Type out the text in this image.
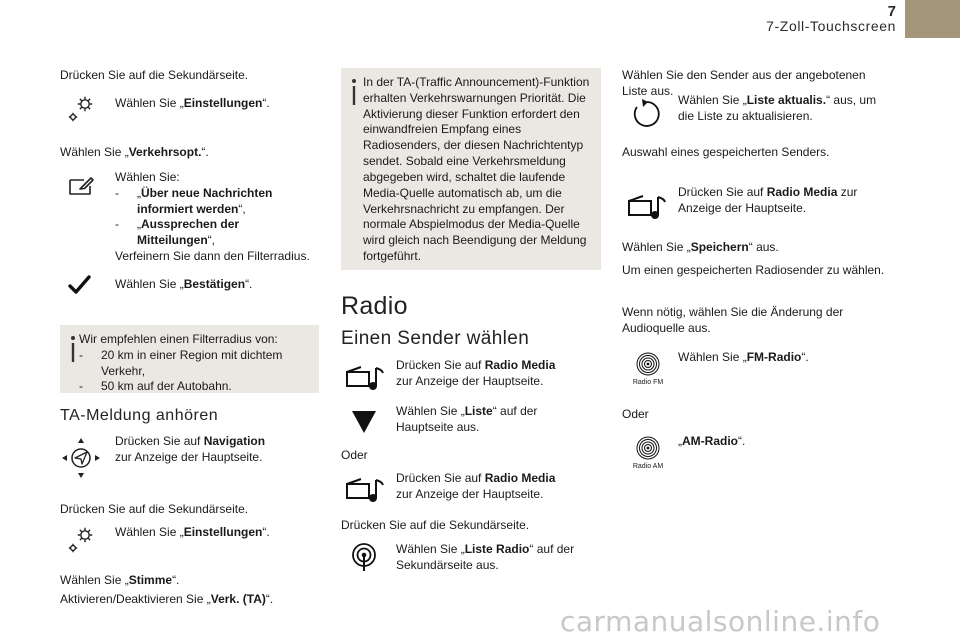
7
7-Zoll-Touchscreen
Drücken Sie auf die Sekundärseite.
Wählen Sie „Einstellungen“.
Wählen Sie „Verkehrsopt.“.
Wählen Sie:
- „Über neue Nachrichten informiert werden“,
- „Aussprechen der Mitteilungen“,
Verfeinern Sie dann den Filterradius.
Wählen Sie „Bestätigen“.
Wir empfehlen einen Filterradius von:
- 20 km in einer Region mit dichtem Verkehr,
- 50 km auf der Autobahn.
TA-Meldung anhören
Drücken Sie auf Navigation zur Anzeige der Hauptseite.
Drücken Sie auf die Sekundärseite.
Wählen Sie „Einstellungen“.
Wählen Sie „Stimme“.
Aktivieren/Deaktivieren Sie „Verk. (TA)“.
In der TA-(Traffic Announcement)-Funktion erhalten Verkehrswarnungen Priorität. Die Aktivierung dieser Funktion erfordert den einwandfreien Empfang eines Radiosenders, der diesen Nachrichtentyp sendet. Sobald eine Verkehrsmeldung abgegeben wird, schaltet die laufende Media-Quelle automatisch ab, um die Verkehrsnachricht zu empfangen. Der normale Abspielmodus der Media-Quelle wird gleich nach Beendigung der Meldung fortgeführt.
Radio
Einen Sender wählen
Drücken Sie auf Radio Media zur Anzeige der Hauptseite.
Wählen Sie „Liste“ auf der Hauptseite aus.
Oder
Drücken Sie auf Radio Media zur Anzeige der Hauptseite.
Drücken Sie auf die Sekundärseite.
Wählen Sie „Liste Radio“ auf der Sekundärseite aus.
Wählen Sie den Sender aus der angebotenen Liste aus.
Wählen Sie „Liste aktualis.“ aus, um die Liste zu aktualisieren.
Auswahl eines gespeicherten Senders.
Drücken Sie auf Radio Media zur Anzeige der Hauptseite.
Wählen Sie „Speichern“ aus.
Um einen gespeicherten Radiosender zu wählen.
Wenn nötig, wählen Sie die Änderung der Audioquelle aus.
Radio FM
Wählen Sie „FM-Radio“.
Oder
Radio AM
„AM-Radio“.
carmanualsonline.info
